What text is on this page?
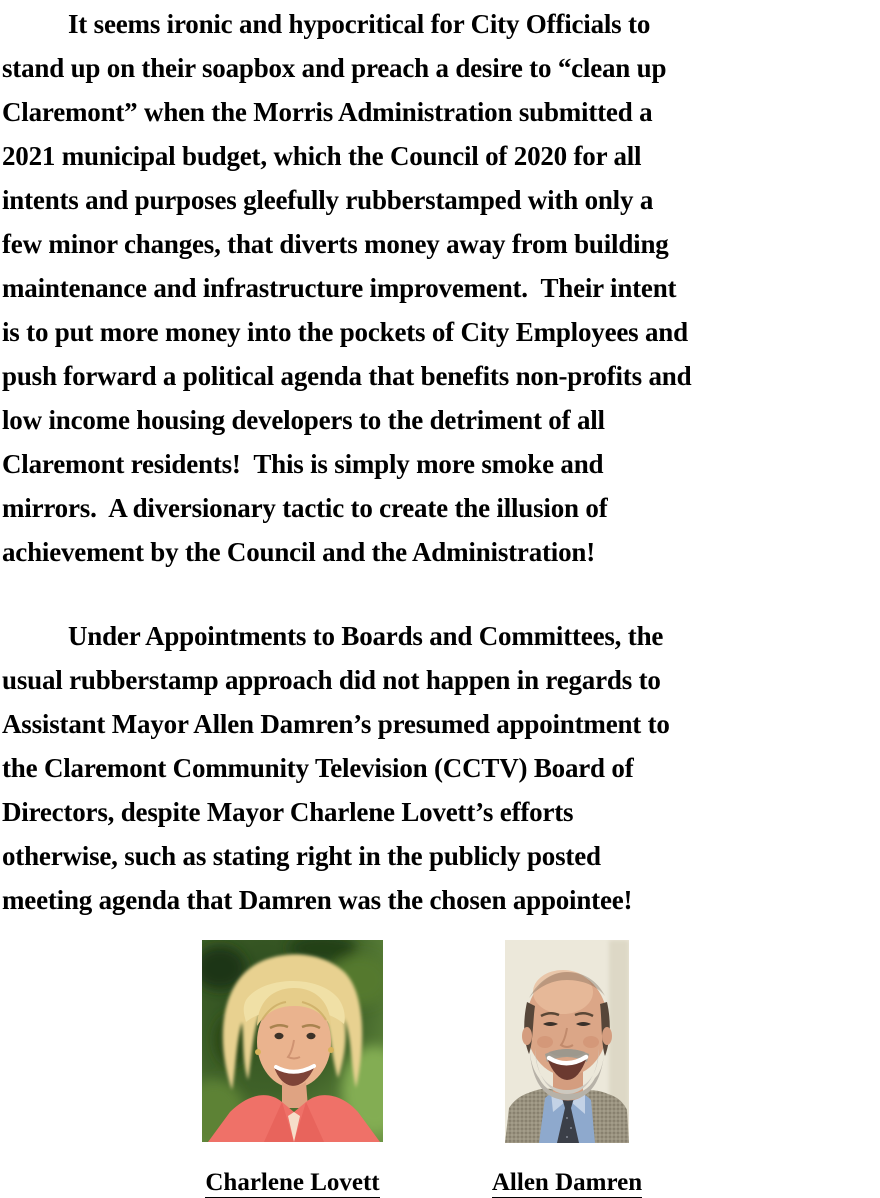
It seems ironic and hypocritical for City Officials to
stand up on their soapbox and preach a desire to “clean up
Claremont” when the Morris Administration submitted a
2021 municipal budget, which the Council of 2020 for all
intents and purposes gleefully rubberstamped with only a
few minor changes, that diverts money away from building
maintenance and infrastructure improvement.  Their intent
is to put more money into the pockets of City Employees and
push forward a political agenda that benefits non-profits and
low income housing developers to the detriment of all
Claremont residents!  This is simply more smoke and
mirrors.  A diversionary tactic to create the illusion of
achievement by the Council and the Administration!
Under Appointments to Boards and Committees, the
usual rubberstamp approach did not happen in regards to
Assistant Mayor Allen Damren’s presumed appointment to
the Claremont Community Television (CCTV) Board of
Directors, despite Mayor Charlene Lovett’s efforts
otherwise, such as stating right in the publicly posted
meeting agenda that Damren was the chosen appointee!
Charlene Lovett	Allen Damren
